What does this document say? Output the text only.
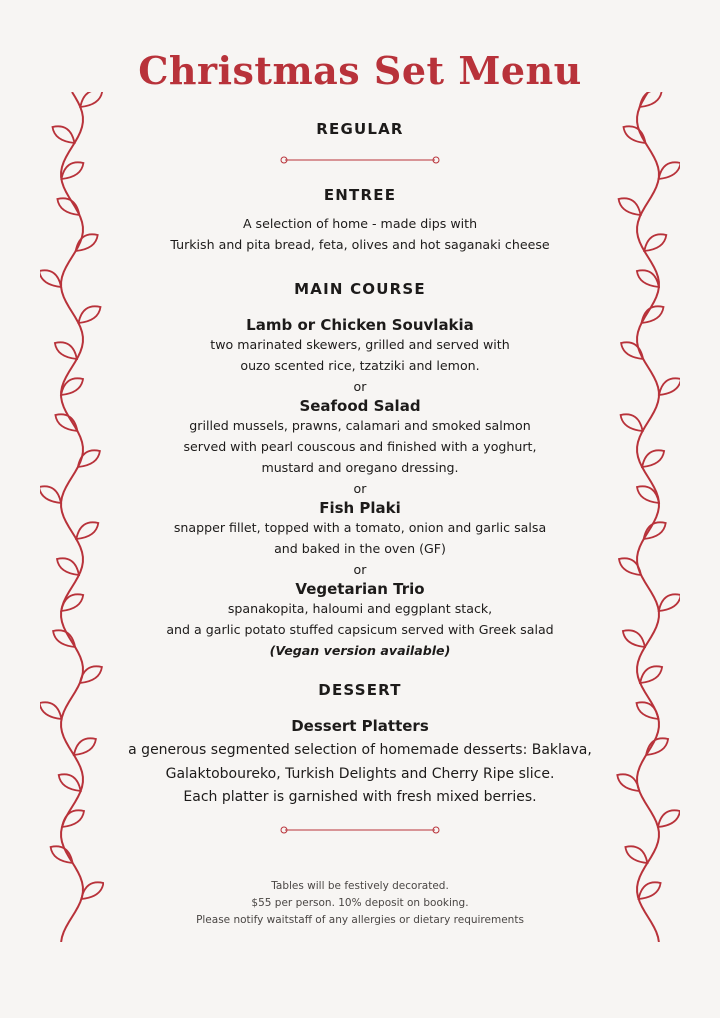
Christmas Set Menu
REGULAR
ENTREE

A selection of home - made dips with

Turkish and pita bread, feta, olives and hot saganaki cheese

MAIN COURSE

Lamb or Chicken Souvlakia

two marinated skewers, grilled and served with

ouzo scented rice, tzatziki and lemon.

or

Seafood Salad

grilled mussels, prawns, calamari and smoked salmon

served with pearl couscous and finished with a yoghurt,

mustard and oregano dressing.

or

Fish Plaki

snapper fillet, topped with a tomato, onion and garlic salsa

and baked in the oven (GF)

or

Vegetarian Trio

spanakopita, haloumi and eggplant stack,

and a garlic potato stuffed capsicum served with Greek salad

(Vegan version available)

DESSERT

Dessert Platters

a generous segmented selection of homemade desserts: Baklava,

Galaktoboureko, Turkish Delights and Cherry Ripe slice.

Each platter is garnished with fresh mixed berries.

Tables will be festively decorated.
$55 per person. 10% deposit on booking.
Please notify waitstaff of any allergies or dietary requirements
